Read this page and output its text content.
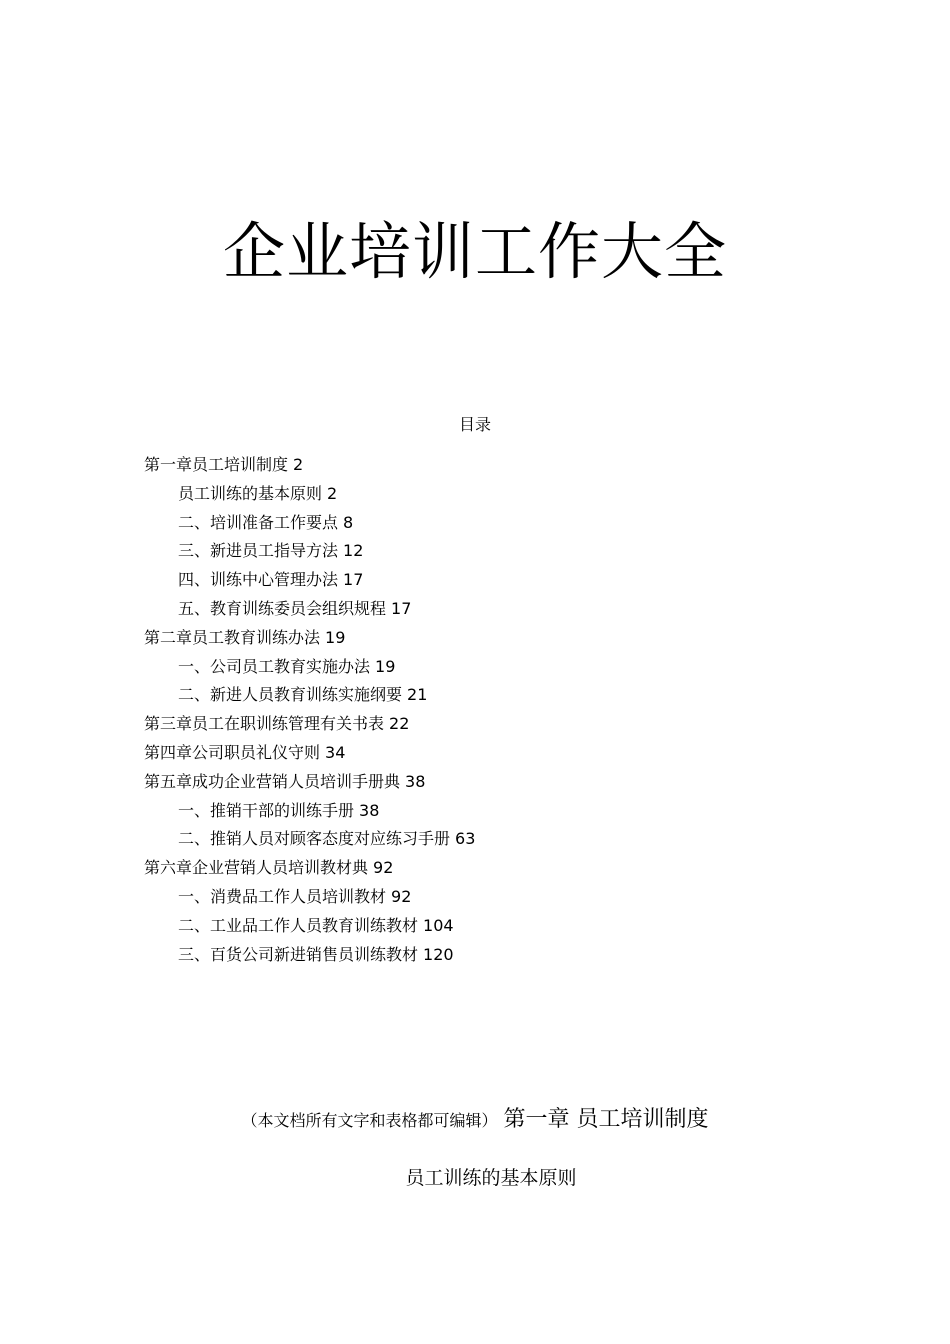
企业培训工作大全
目录
第一章员工培训制度 2
员工训练的基本原则 2
二、培训准备工作要点 8
三、新进员工指导方法 12
四、训练中心管理办法 17
五、教育训练委员会组织规程 17
第二章员工教育训练办法 19
一、公司员工教育实施办法 19
二、新进人员教育训练实施纲要 21
第三章员工在职训练管理有关书表 22
第四章公司职员礼仪守则 34
第五章成功企业营销人员培训手册典 38
一、推销干部的训练手册 38
二、推销人员对顾客态度对应练习手册 63
第六章企业营销人员培训教材典 92
一、消费品工作人员培训教材 92
二、工业品工作人员教育训练教材 104
三、百货公司新进销售员训练教材 120
（本文档所有文字和表格都可编辑） 第一章 员工培训制度
员工训练的基本原则
